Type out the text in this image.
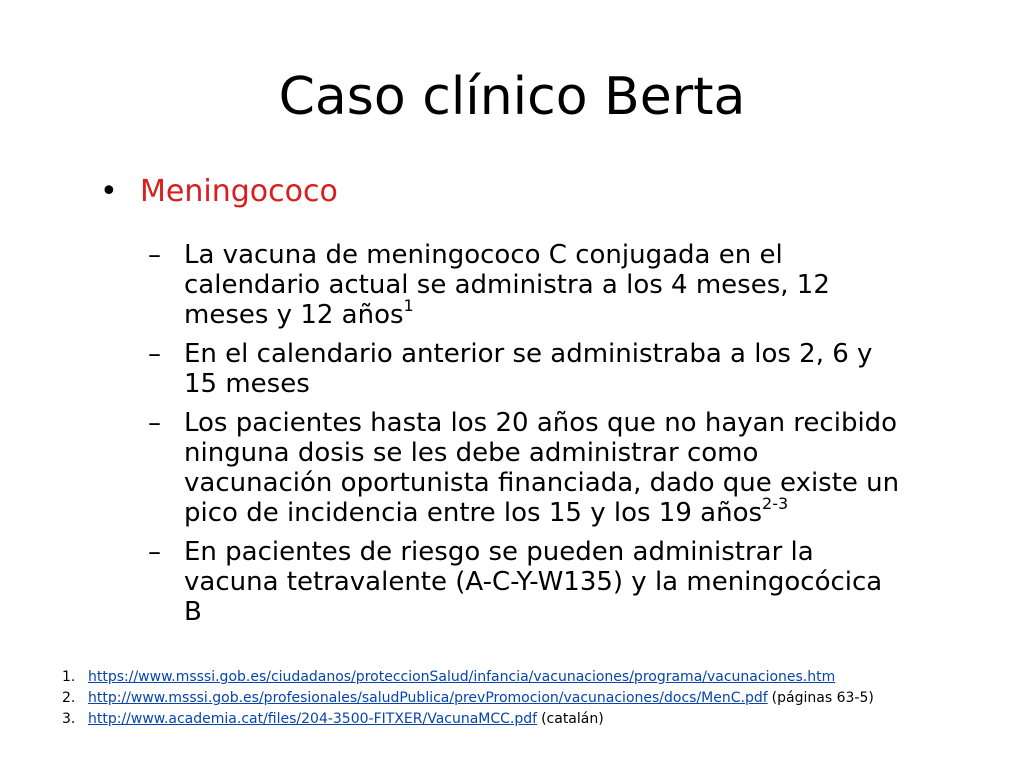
Caso clínico Berta
• Meningococo
– La vacuna de meningococo C conjugada en el calendario actual se administra a los 4 meses, 12 meses y 12 años$^1$
– En el calendario anterior se administraba a los 2, 6 y 15 meses
– Los pacientes hasta los 20 años que no hayan recibido ninguna dosis se les debe administrar como vacunación oportunista financiada, dado que existe un pico de incidencia entre los 15 y los 19 años$^{2-3}$
– En pacientes de riesgo se pueden administrar la vacuna tetravalente (A-C-Y-W135) y la meningocócica B
1. https://www.msssi.gob.es/ciudadanos/proteccionSalud/infancia/vacunaciones/programa/vacunaciones.htm
2. http://www.msssi.gob.es/profesionales/saludPublica/prevPromocion/vacunaciones/docs/MenC.pdf (páginas 63-5)
3. http://www.academia.cat/files/204-3500-FITXER/VacunaMCC.pdf (catalán)
